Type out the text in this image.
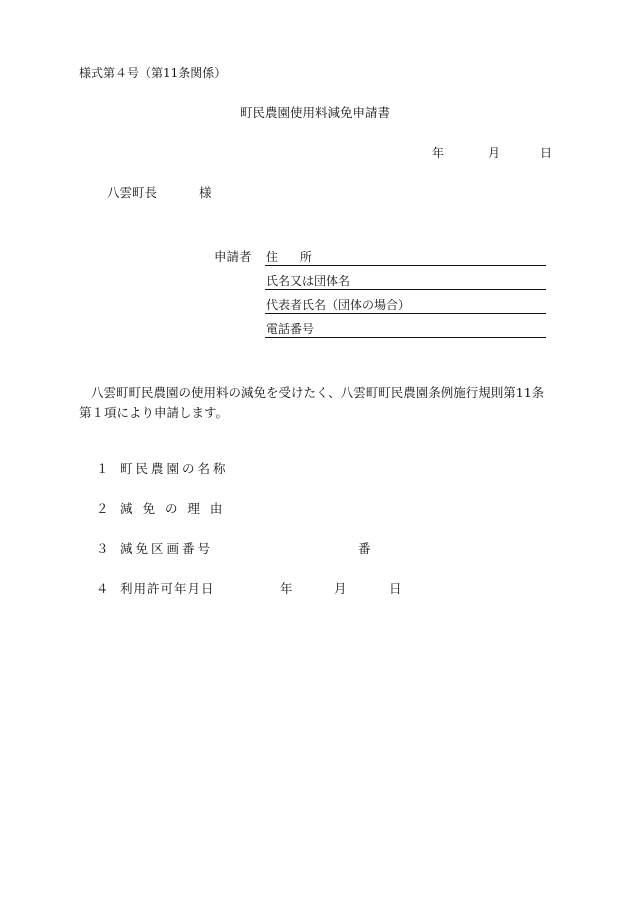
様式第４号（第11条関係）
町民農園使用料減免申請書
年	月	日
八雲町長	様
申請者 住 所
氏名又は団体名
代表者氏名（団体の場合）
電話番号
八雲町町民農園の使用料の減免を受けたく、八雲町町民農園条例施行規則第11条第１項により申請します。
１ 町民農園の名称
２ 減 免 の 理 由
３ 減免区画番号	番
４ 利用許可年月日	年	月	日
